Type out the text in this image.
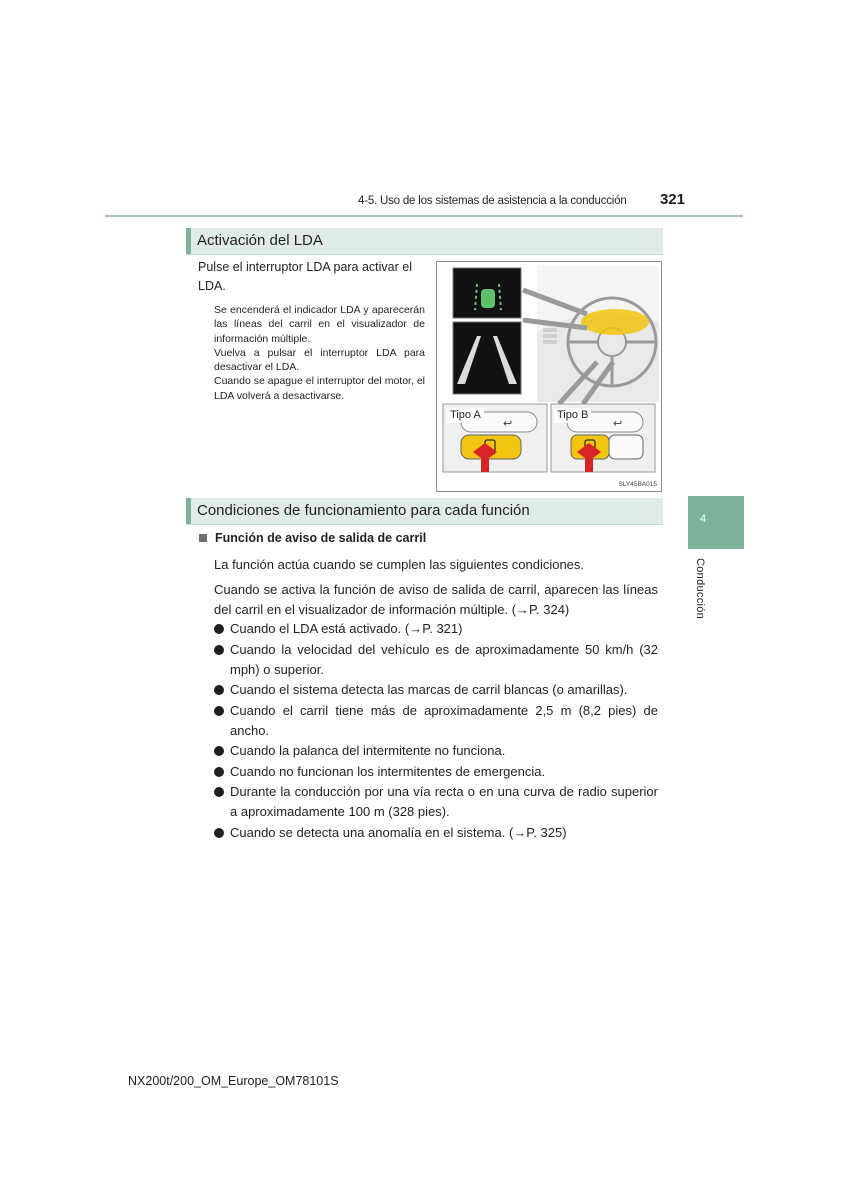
4-5. Uso de los sistemas de asistencia a la conducción	321
Activación del LDA
Pulse el interruptor LDA para activar el LDA.

Se encenderá el indicador LDA y aparecerán las líneas del carril en el visualizador de información múltiple.

Vuelva a pulsar el interruptor LDA para desactivar el LDA.

Cuando se apague el interruptor del motor, el LDA volverá a desactivarse.

↩	↩
Tipo A	Tipo B
SLY45BA015
4
Conducción
Condiciones de funcionamiento para cada función
Función de aviso de salida de carril
La función actúa cuando se cumplen las siguientes condiciones.
Cuando se activa la función de aviso de salida de carril, aparecen las líneas del carril en el visualizador de información múltiple. (→P. 324)
Cuando el LDA está activado. (→P. 321)
Cuando la velocidad del vehículo es de aproximadamente 50 km/h (32 mph) o superior.
Cuando el sistema detecta las marcas de carril blancas (o amarillas).
Cuando el carril tiene más de aproximadamente 2,5 m (8,2 pies) de ancho.
Cuando la palanca del intermitente no funciona.
Cuando no funcionan los intermitentes de emergencia.
Durante la conducción por una vía recta o en una curva de radio superior a aproximadamente 100 m (328 pies).
Cuando se detecta una anomalía en el sistema. (→P. 325)
NX200t/200_OM_Europe_OM78101S
